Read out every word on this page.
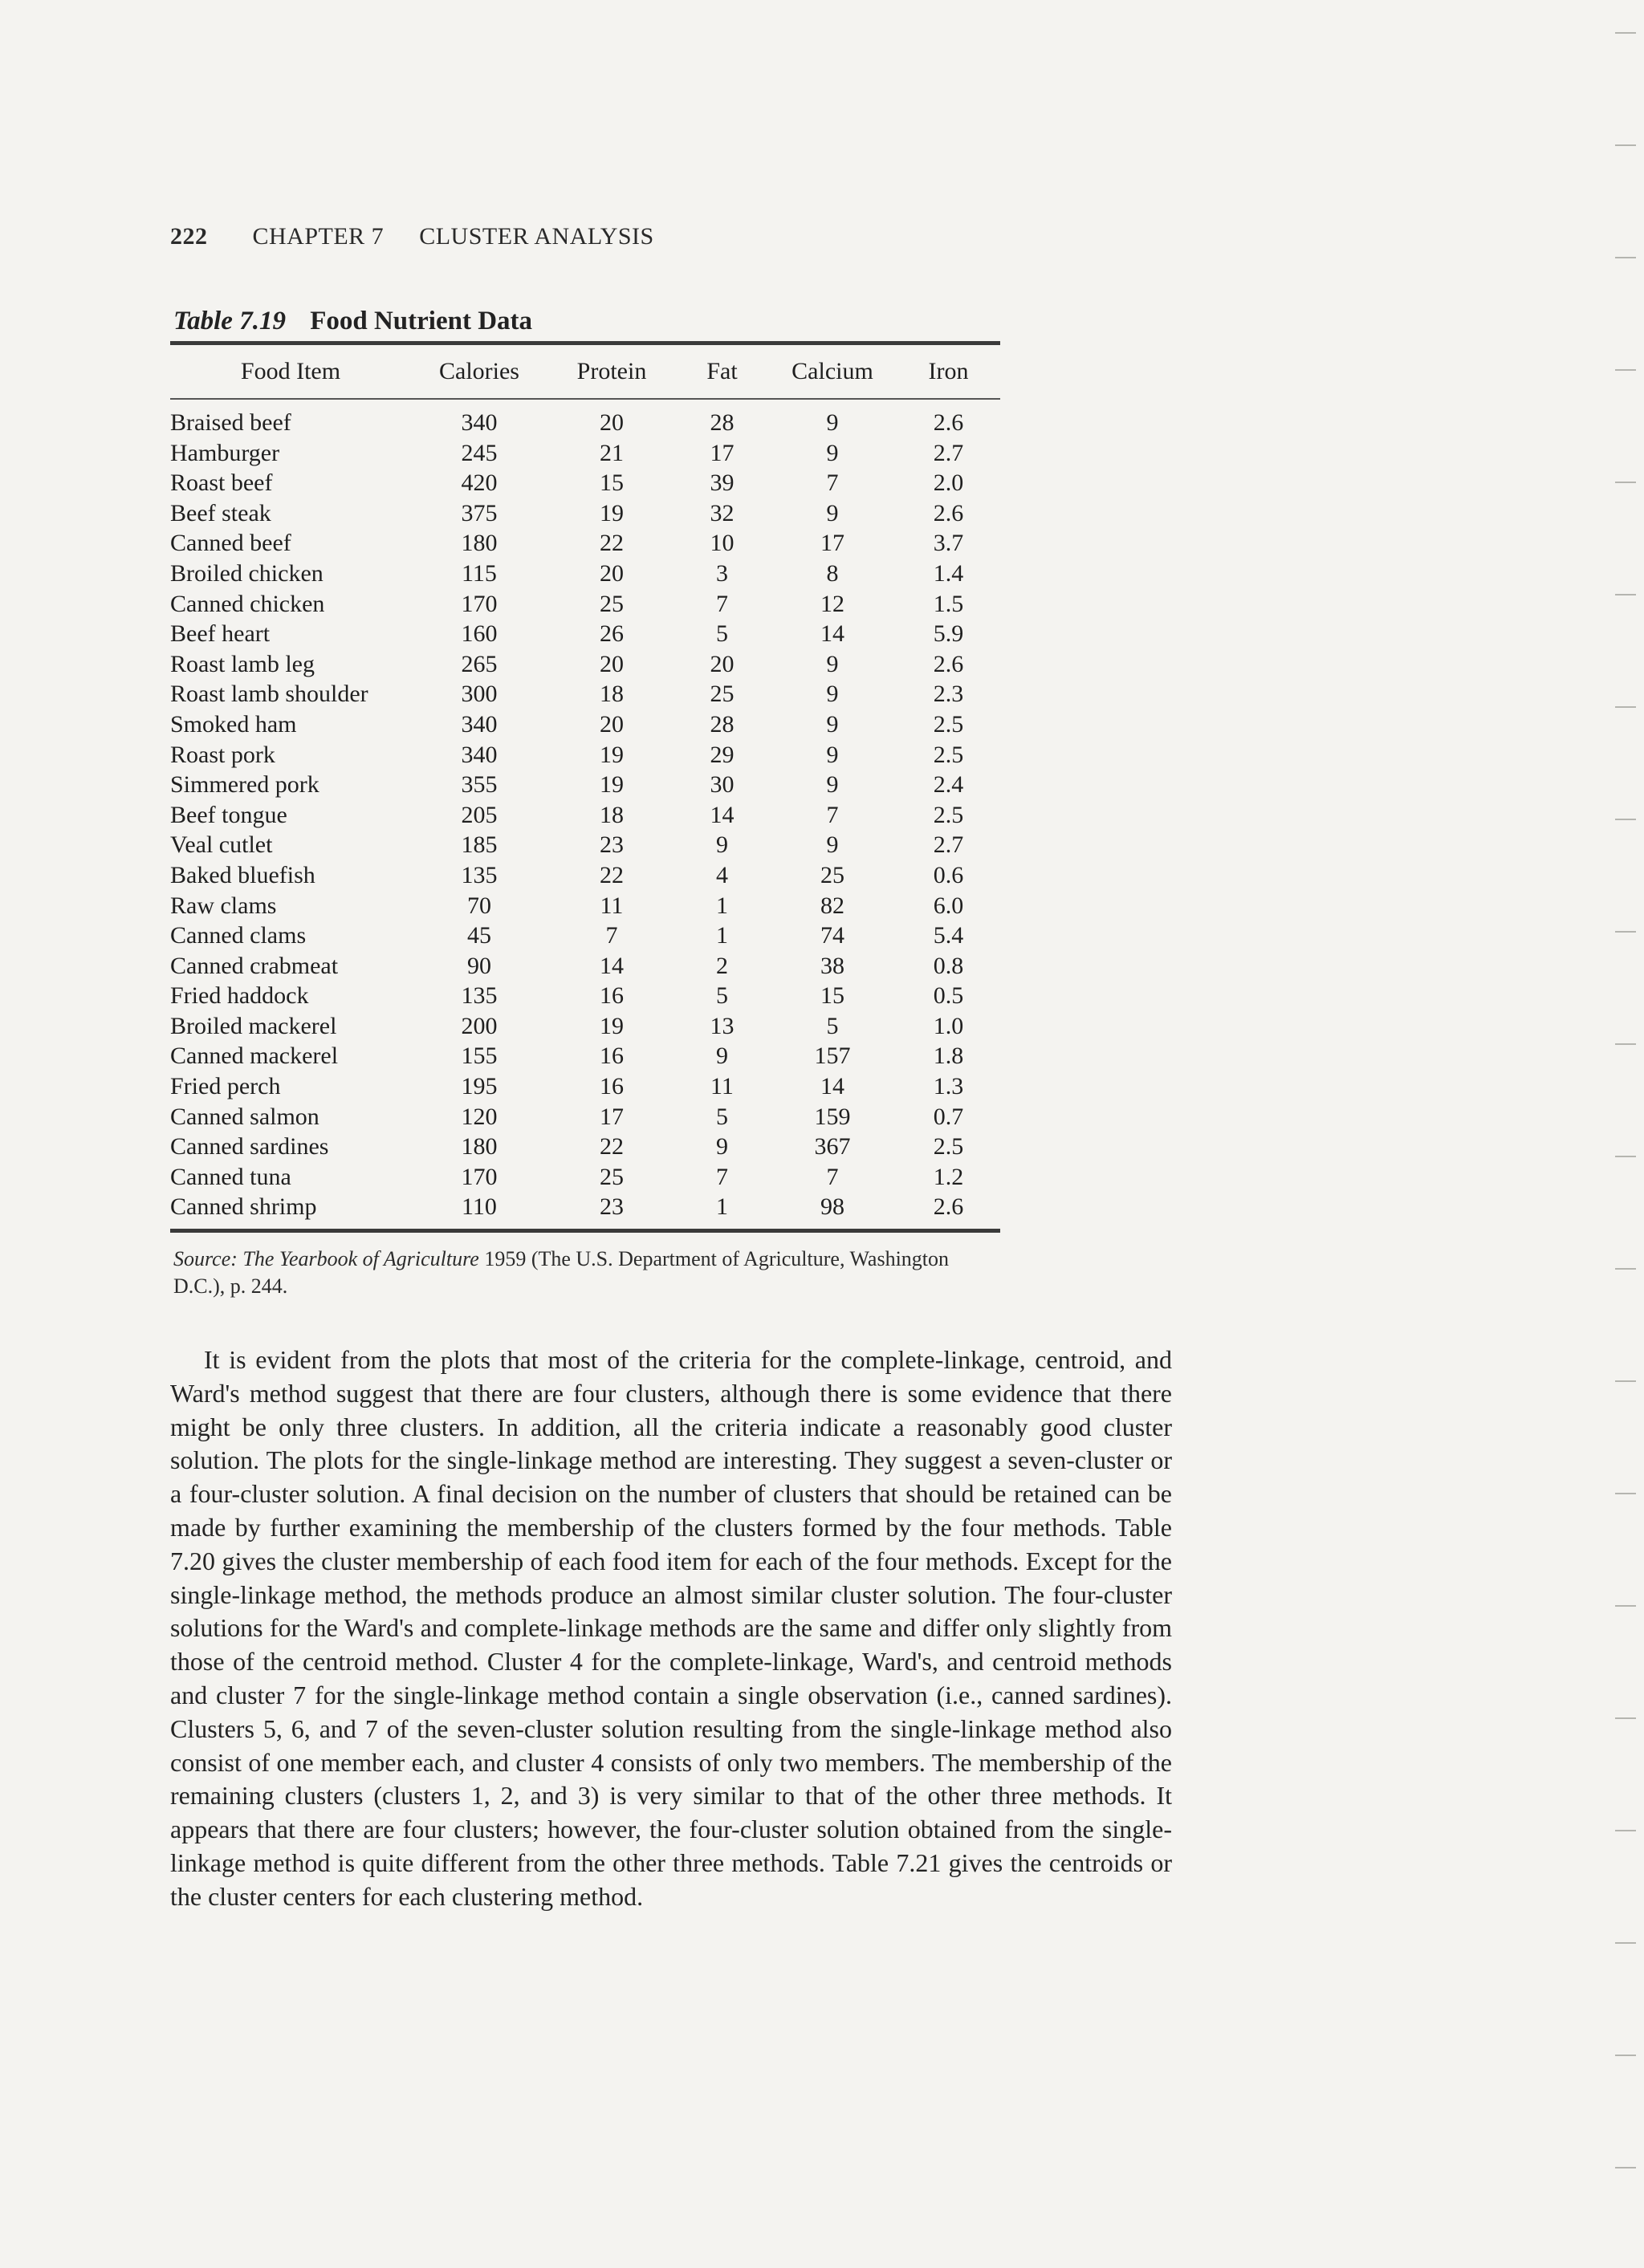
222 CHAPTER 7 CLUSTER ANALYSIS
Table 7.19 Food Nutrient Data
Food Item	Calories	Protein	Fat	Calcium	Iron

Braised beef	340	20	28	9	2.6
Hamburger	245	21	17	9	2.7
Roast beef	420	15	39	7	2.0
Beef steak	375	19	32	9	2.6
Canned beef	180	22	10	17	3.7
Broiled chicken	115	20	3	8	1.4
Canned chicken	170	25	7	12	1.5
Beef heart	160	26	5	14	5.9
Roast lamb leg	265	20	20	9	2.6
Roast lamb shoulder	300	18	25	9	2.3
Smoked ham	340	20	28	9	2.5
Roast pork	340	19	29	9	2.5
Simmered pork	355	19	30	9	2.4
Beef tongue	205	18	14	7	2.5
Veal cutlet	185	23	9	9	2.7
Baked bluefish	135	22	4	25	0.6
Raw clams	70	11	1	82	6.0
Canned clams	45	7	1	74	5.4
Canned crabmeat	90	14	2	38	0.8
Fried haddock	135	16	5	15	0.5
Broiled mackerel	200	19	13	5	1.0
Canned mackerel	155	16	9	157	1.8
Fried perch	195	16	11	14	1.3
Canned salmon	120	17	5	159	0.7
Canned sardines	180	22	9	367	2.5
Canned tuna	170	25	7	7	1.2
Canned shrimp	110	23	1	98	2.6
Source: The Yearbook of Agriculture 1959 (The U.S. Department of Agriculture, Washington D.C.), p. 244.

It is evident from the plots that most of the criteria for the complete-linkage, centroid, and Ward's method suggest that there are four clusters, although there is some evidence that there might be only three clusters. In addition, all the criteria indicate a reasonably good cluster solution. The plots for the single-linkage method are interesting. They suggest a seven-cluster or a four-cluster solution. A final decision on the number of clusters that should be retained can be made by further examining the membership of the clusters formed by the four methods. Table 7.20 gives the cluster membership of each food item for each of the four methods. Except for the single-linkage method, the methods produce an almost similar cluster solution. The four-cluster solutions for the Ward's and complete-linkage methods are the same and differ only slightly from those of the centroid method. Cluster 4 for the complete-linkage, Ward's, and centroid methods and cluster 7 for the single-linkage method contain a single observation (i.e., canned sardines). Clusters 5, 6, and 7 of the seven-cluster solution resulting from the single-linkage method also consist of one member each, and cluster 4 consists of only two members. The membership of the remaining clusters (clusters 1, 2, and 3) is very similar to that of the other three methods. It appears that there are four clusters; however, the four-cluster solution obtained from the single-linkage method is quite different from the other three methods. Table 7.21 gives the centroids or the cluster centers for each clustering method.
